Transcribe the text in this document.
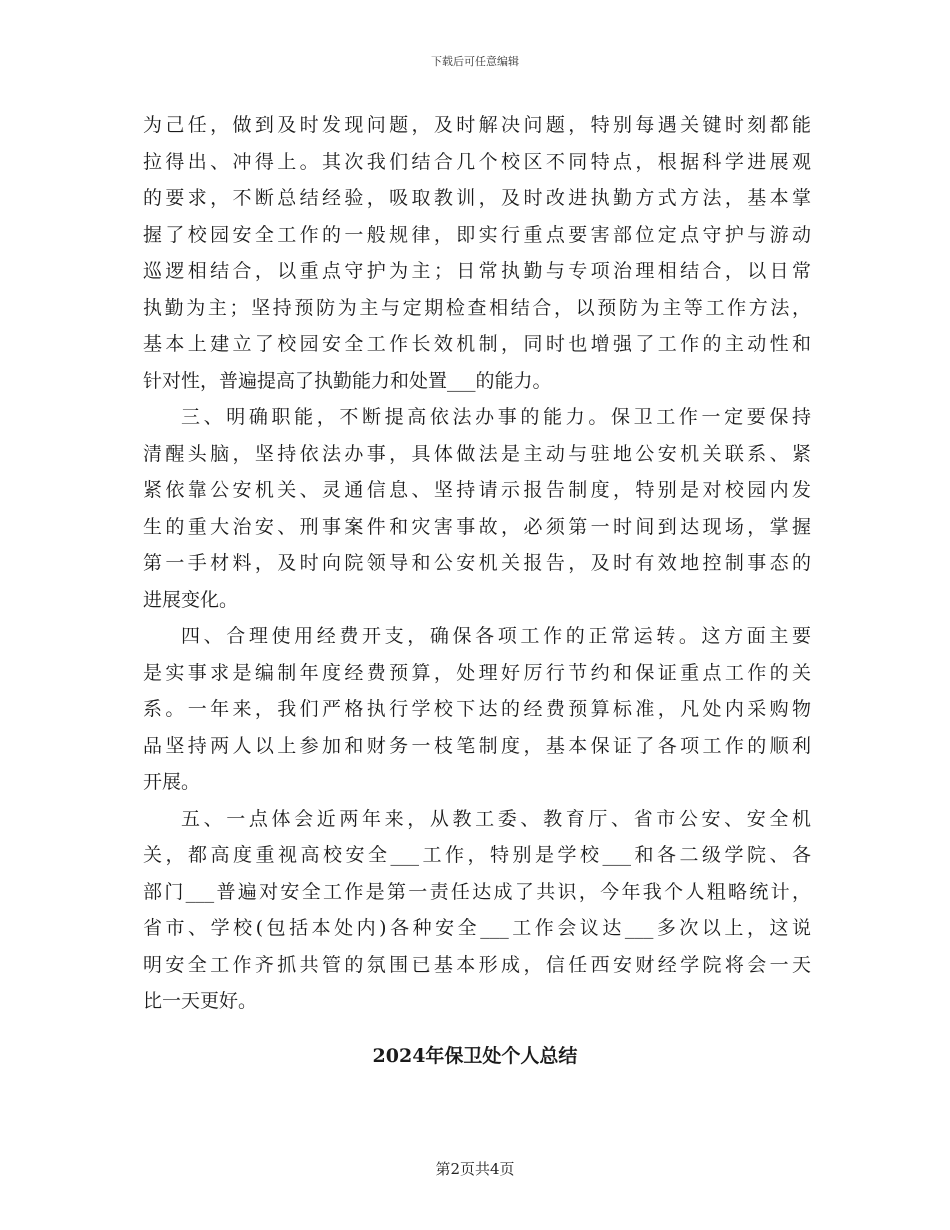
下载后可任意编辑
为己任，做到及时发现问题，及时解决问题，特别每遇关键时刻都能
拉得出、冲得上。其次我们结合几个校区不同特点，根据科学进展观
的要求，不断总结经验，吸取教训，及时改进执勤方式方法，基本掌
握了校园安全工作的一般规律，即实行重点要害部位定点守护与游动
巡逻相结合，以重点守护为主；日常执勤与专项治理相结合，以日常
执勤为主；坚持预防为主与定期检查相结合，以预防为主等工作方法，
基本上建立了校园安全工作长效机制，同时也增强了工作的主动性和
针对性，普遍提高了执勤能力和处置___的能力。
三、明确职能，不断提高依法办事的能力。保卫工作一定要保持
清醒头脑，坚持依法办事，具体做法是主动与驻地公安机关联系、紧
紧依靠公安机关、灵通信息、坚持请示报告制度，特别是对校园内发
生的重大治安、刑事案件和灾害事故，必须第一时间到达现场，掌握
第一手材料，及时向院领导和公安机关报告，及时有效地控制事态的
进展变化。
四、合理使用经费开支，确保各项工作的正常运转。这方面主要
是实事求是编制年度经费预算，处理好厉行节约和保证重点工作的关
系。一年来，我们严格执行学校下达的经费预算标准，凡处内采购物
品坚持两人以上参加和财务一枝笔制度，基本保证了各项工作的顺利
开展。
五、一点体会近两年来，从教工委、教育厅、省市公安、安全机
关，都高度重视高校安全___工作，特别是学校___和各二级学院、各
部门___普遍对安全工作是第一责任达成了共识，今年我个人粗略统计，
省市、学校(包括本处内)各种安全___工作会议达___多次以上，这说
明安全工作齐抓共管的氛围已基本形成，信任西安财经学院将会一天
比一天更好。
2024年保卫处个人总结
第2页共4页
